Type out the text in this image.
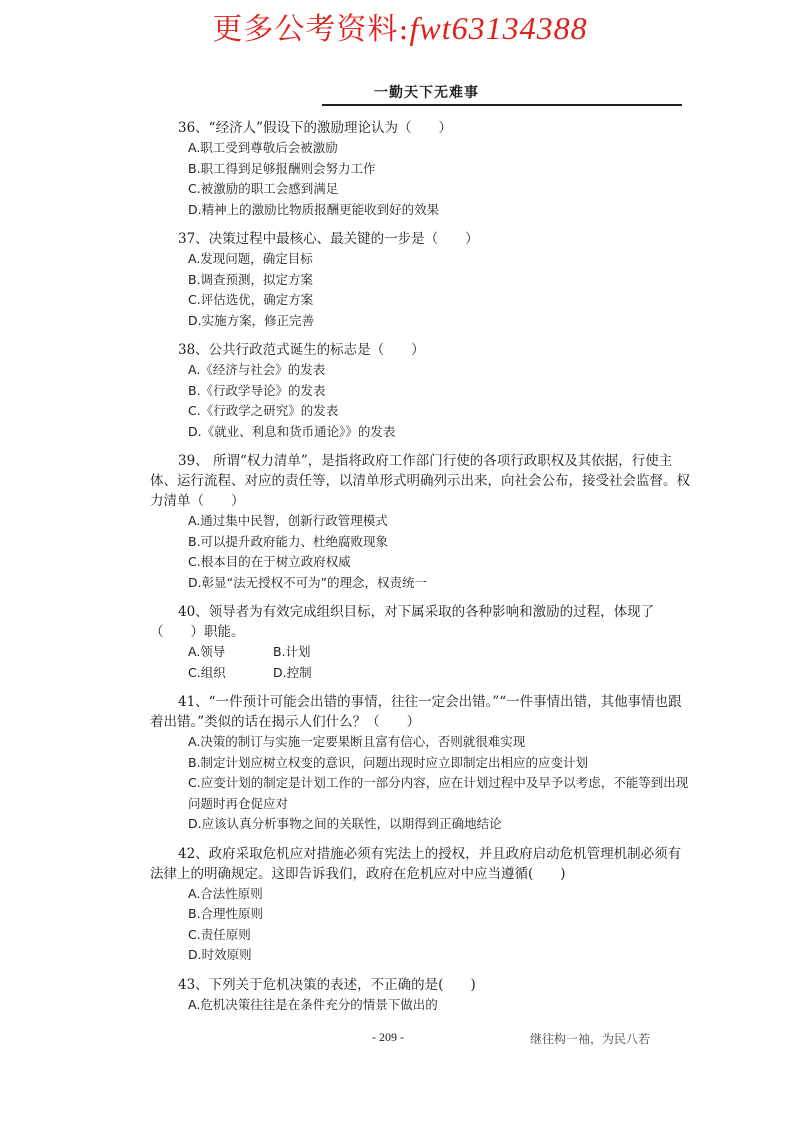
更多公考资料:fwt63134388
一勤天下无难事
36、“经济人”假设下的激励理论认为（　　）
A.职工受到尊敬后会被激励
B.职工得到足够报酬则会努力工作
C.被激励的职工会感到满足
D.精神上的激励比物质报酬更能收到好的效果
37、决策过程中最核心、最关键的一步是（　　）
A.发现问题，确定目标
B.调查预测，拟定方案
C.评估选优，确定方案
D.实施方案，修正完善
38、公共行政范式诞生的标志是（　　）
A.《经济与社会》的发表
B.《行政学导论》的发表
C.《行政学之研究》的发表
D.《就业、利息和货币通论》》的发表
39、 所谓“权力清单”，是指将政府工作部门行使的各项行政职权及其依据，行使主体、运行流程、对应的责任等，以清单形式明确列示出来，向社会公布，接受社会监督。权力清单（　　）
A.通过集中民智，创新行政管理模式
B.可以提升政府能力、杜绝腐败现象
C.根本目的在于树立政府权威
D.彰显“法无授权不可为”的理念，权责统一
40、领导者为有效完成组织目标，对下属采取的各种影响和激励的过程，体现了（　　）职能。
A.领导	B.计划
C.组织	D.控制
41、“一件预计可能会出错的事情，往往一定会出错。”“一件事情出错，其他事情也跟着出错。”类似的话在揭示人们什么？（　　）
A.决策的制订与实施一定要果断且富有信心，否则就很难实现
B.制定计划应树立权变的意识，问题出现时应立即制定出相应的应变计划
C.应变计划的制定是计划工作的一部分内容，应在计划过程中及早予以考虑，不能等到出现问题时再仓促应对
D.应该认真分析事物之间的关联性，以期得到正确地结论
42、政府采取危机应对措施必须有宪法上的授权，并且政府启动危机管理机制必须有法律上的明确规定。这即告诉我们，政府在危机应对中应当遵循(　　)
A.合法性原则
B.合理性原则
C.责任原则
D.时效原则
43、下列关于危机决策的表述，不正确的是(　　)
A.危机决策往往是在条件充分的情景下做出的
- 209 -	继往构一袖，为民八若
